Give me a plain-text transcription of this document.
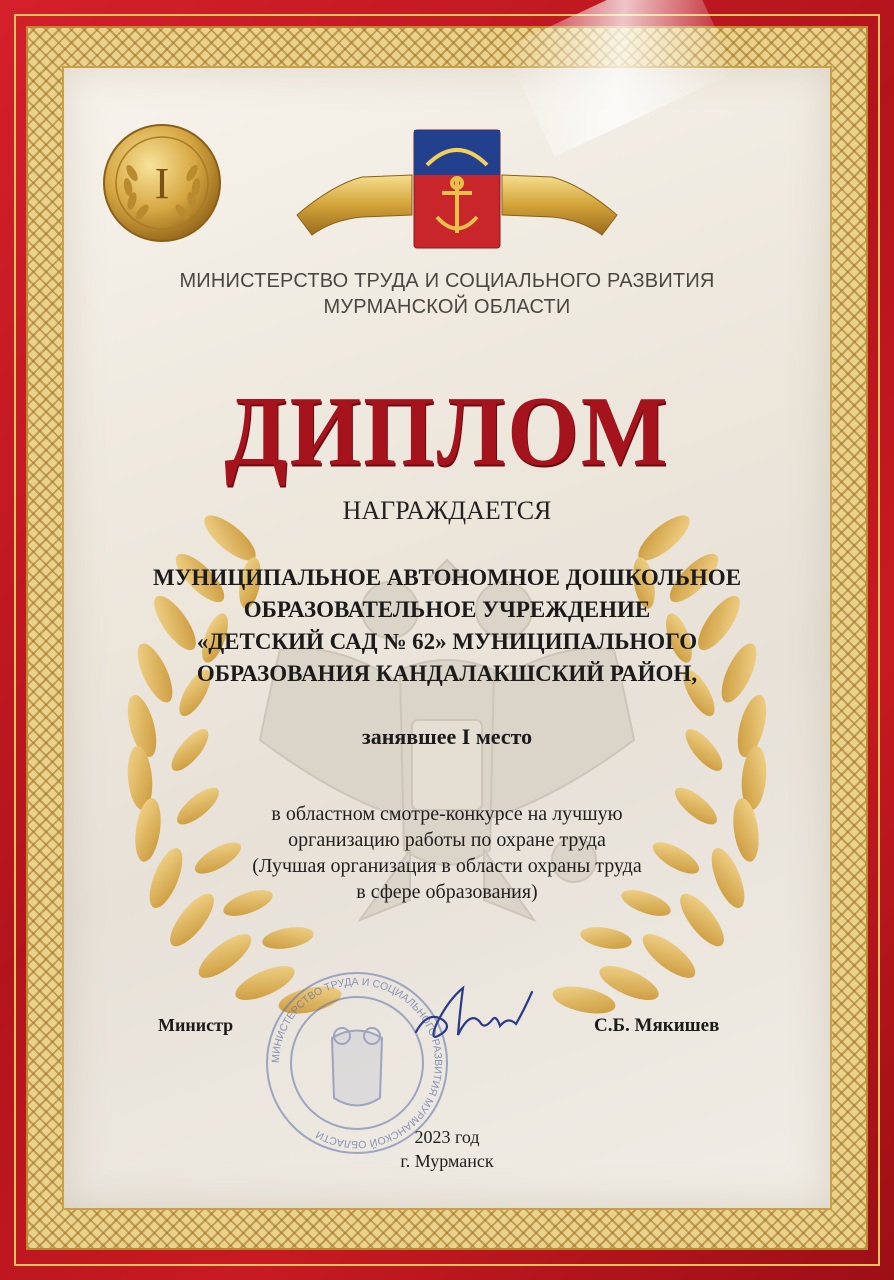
I
МИНИСТЕРСТВО ТРУДА И СОЦИАЛЬНОГО РАЗВИТИЯ
МУРМАНСКОЙ ОБЛАСТИ
ДИПЛОМ
НАГРАЖДАЕТСЯ
МУНИЦИПАЛЬНОЕ АВТОНОМНОЕ ДОШКОЛЬНОЕ
ОБРАЗОВАТЕЛЬНОЕ УЧРЕЖДЕНИЕ
«ДЕТСКИЙ САД № 62» МУНИЦИПАЛЬНОГО
ОБРАЗОВАНИЯ КАНДАЛАКШСКИЙ РАЙОН,
занявшее I место
в областном смотре-конкурсе на лучшую
организацию работы по охране труда
(Лучшая организация в области охраны труда
в сфере образования)
МИНИСТЕРСТВО ТРУДА И СОЦИАЛЬНОГО РАЗВИТИЯ МУРМАНСКОЙ ОБЛАСТИ
Министр	С.Б. Мякишев
2023 год
г. Мурманск
